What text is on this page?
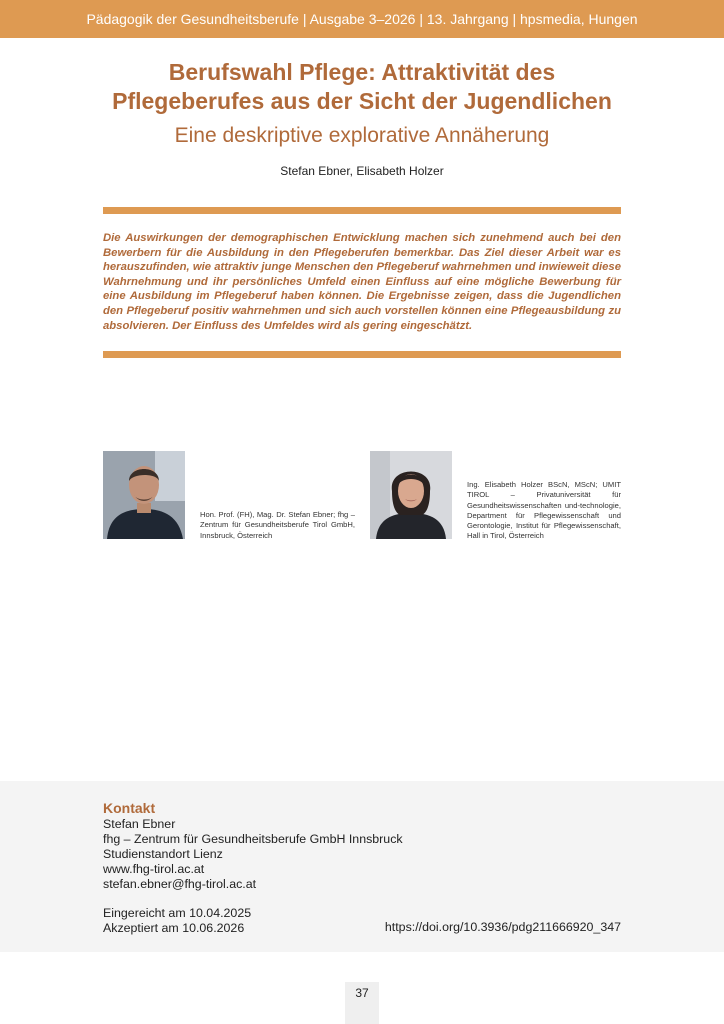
Pädagogik der Gesundheitsberufe | Ausgabe 3–2026 | 13. Jahrgang | hpsmedia, Hungen
Berufswahl Pflege: Attraktivität des
Pflegeberufes aus der Sicht der Jugendlichen
Eine deskriptive explorative Annäherung
Stefan Ebner, Elisabeth Holzer

Die Auswirkungen der demographischen Entwicklung machen sich zunehmend auch bei den Bewerbern für die Ausbildung in den Pflegeberufen bemerkbar. Das Ziel dieser Arbeit war es herauszufinden, wie attraktiv junge Menschen den Pflegeberuf wahrnehmen und inwieweit diese Wahrnehmung und ihr persönliches Umfeld einen Einfluss auf eine mögliche Bewerbung für eine Ausbildung im Pflegeberuf haben können. Die Ergebnisse zeigen, dass die Jugendlichen den Pflegeberuf positiv wahrnehmen und sich auch vorstellen können eine Pflegeausbildung zu absolvieren. Der Einfluss des Umfeldes wird als gering eingeschätzt.

Hon. Prof. (FH), Mag. Dr. Stefan Ebner; fhg – Zentrum für Gesundheitsberufe Tirol GmbH, Innsbruck, Österreich
Ing. Elisabeth Holzer BScN, MScN; UMIT TIROL – Privatuniversität für Gesundheitswissenschaften und-technologie, Department für Pflegewissenschaft und Gerontologie, Institut für Pflegewissenschaft, Hall in Tirol, Österreich
Kontakt
Stefan Ebner
fhg – Zentrum für Gesundheitsberufe GmbH Innsbruck
Studienstandort Lienz
www.fhg-tirol.ac.at
stefan.ebner@fhg-tirol.ac.at
Eingereicht am 10.04.2025
Akzeptiert am 10.06.2026	https://doi.org/10.3936/pdg211666920_347
37
